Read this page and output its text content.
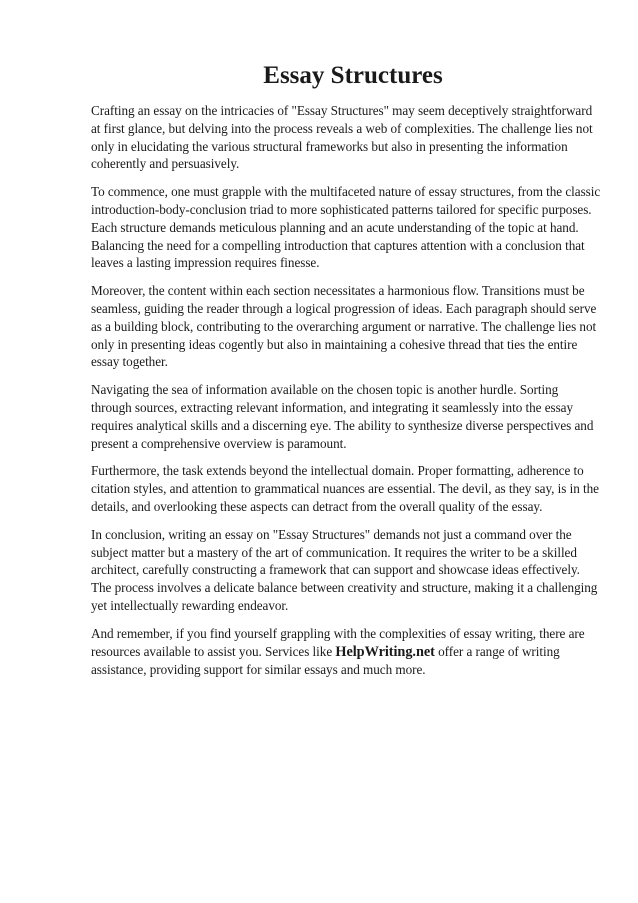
Essay Structures

Crafting an essay on the intricacies of "Essay Structures" may seem deceptively straightforward at first glance, but delving into the process reveals a web of complexities. The challenge lies not only in elucidating the various structural frameworks but also in presenting the information coherently and persuasively.

To commence, one must grapple with the multifaceted nature of essay structures, from the classic introduction-body-conclusion triad to more sophisticated patterns tailored for specific purposes. Each structure demands meticulous planning and an acute understanding of the topic at hand. Balancing the need for a compelling introduction that captures attention with a conclusion that leaves a lasting impression requires finesse.

Moreover, the content within each section necessitates a harmonious flow. Transitions must be seamless, guiding the reader through a logical progression of ideas. Each paragraph should serve as a building block, contributing to the overarching argument or narrative. The challenge lies not only in presenting ideas cogently but also in maintaining a cohesive thread that ties the entire essay together.

Navigating the sea of information available on the chosen topic is another hurdle. Sorting through sources, extracting relevant information, and integrating it seamlessly into the essay requires analytical skills and a discerning eye. The ability to synthesize diverse perspectives and present a comprehensive overview is paramount.

Furthermore, the task extends beyond the intellectual domain. Proper formatting, adherence to citation styles, and attention to grammatical nuances are essential. The devil, as they say, is in the details, and overlooking these aspects can detract from the overall quality of the essay.

In conclusion, writing an essay on "Essay Structures" demands not just a command over the subject matter but a mastery of the art of communication. It requires the writer to be a skilled architect, carefully constructing a framework that can support and showcase ideas effectively. The process involves a delicate balance between creativity and structure, making it a challenging yet intellectually rewarding endeavor.

And remember, if you find yourself grappling with the complexities of essay writing, there are resources available to assist you. Services like HelpWriting.net offer a range of writing assistance, providing support for similar essays and much more.
